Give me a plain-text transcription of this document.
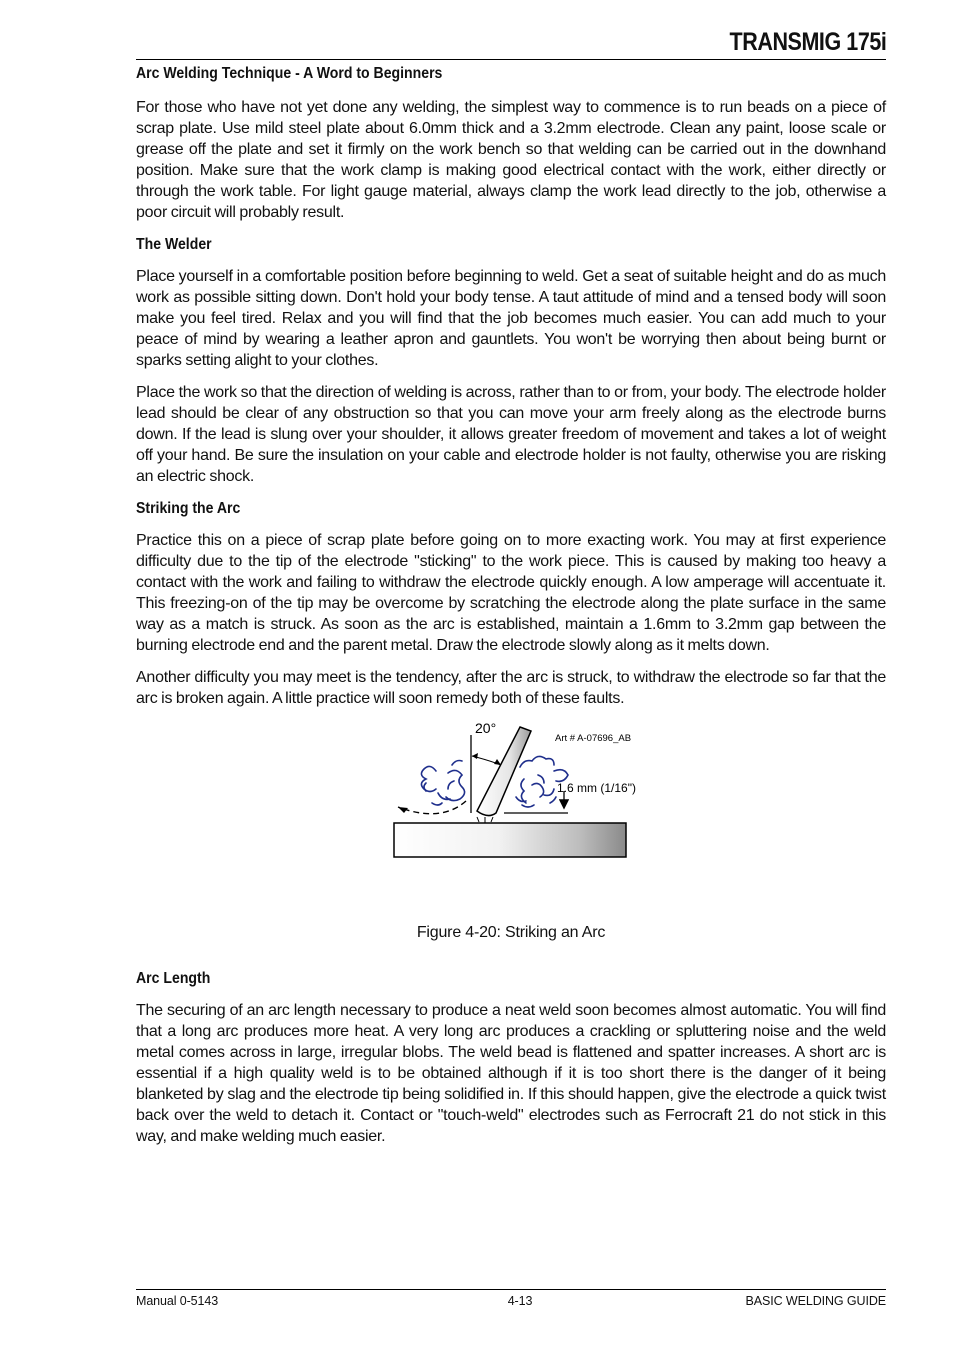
TRANSMIG 175i
Arc Welding Technique - A Word to Beginners

For those who have not yet done any welding, the simplest way to commence is to run beads on a piece of scrap plate. Use mild steel plate about 6.0mm thick and a 3.2mm electrode. Clean any paint, loose scale or grease off the plate and set it firmly on the work bench so that welding can be carried out in the downhand position. Make sure that the work clamp is making good electrical contact with the work, either directly or through the work table. For light gauge material, always clamp the work lead directly to the job, otherwise a poor circuit will probably result.

The Welder

Place yourself in a comfortable position before beginning to weld. Get a seat of suitable height and do as much work as possible sitting down. Don't hold your body tense. A taut attitude of mind and a tensed body will soon make you feel tired. Relax and you will find that the job becomes much easier. You can add much to your peace of mind by wearing a leather apron and gauntlets. You won't be worrying then about being burnt or sparks setting alight to your clothes.

Place the work so that the direction of welding is across, rather than to or from, your body. The electrode holder lead should be clear of any obstruction so that you can move your arm freely along as the electrode burns down. If the lead is slung over your shoulder, it allows greater freedom of movement and takes a lot of weight off your hand. Be sure the insulation on your cable and electrode holder is not faulty, otherwise you are risking an electric shock.

Striking the Arc

Practice this on a piece of scrap plate before going on to more exacting work. You may at first experience difficulty due to the tip of the electrode "sticking" to the work piece. This is caused by making too heavy a contact with the work and failing to withdraw the electrode quickly enough. A low amperage will accentuate it. This freezing-on of the tip may be overcome by scratching the electrode along the plate surface in the same way as a match is struck. As soon as the arc is established, maintain a 1.6mm to 3.2mm gap between the burning electrode end and the parent metal. Draw the electrode slowly along as it melts down.

Another difficulty you may meet is the tendency, after the arc is struck, to withdraw the electrode so far that the arc is broken again. A little practice will soon remedy both of these faults.

20°
Art # A-07696_AB
1.6 mm (1/16")
Figure 4-20: Striking an Arc
Arc Length

The securing of an arc length necessary to produce a neat weld soon becomes almost automatic. You will find that a long arc produces more heat. A very long arc produces a crackling or spluttering noise and the weld metal comes across in large, irregular blobs. The weld bead is flattened and spatter increases. A short arc is essential if a high quality weld is to be obtained although if it is too short there is the danger of it being blanketed by slag and the electrode tip being solidified in. If this should happen, give the electrode a quick twist back over the weld to detach it. Contact or "touch-weld" electrodes such as Ferrocraft 21 do not stick in this way, and make welding much easier.

Manual 0-5143	4-13	BASIC WELDING GUIDE
